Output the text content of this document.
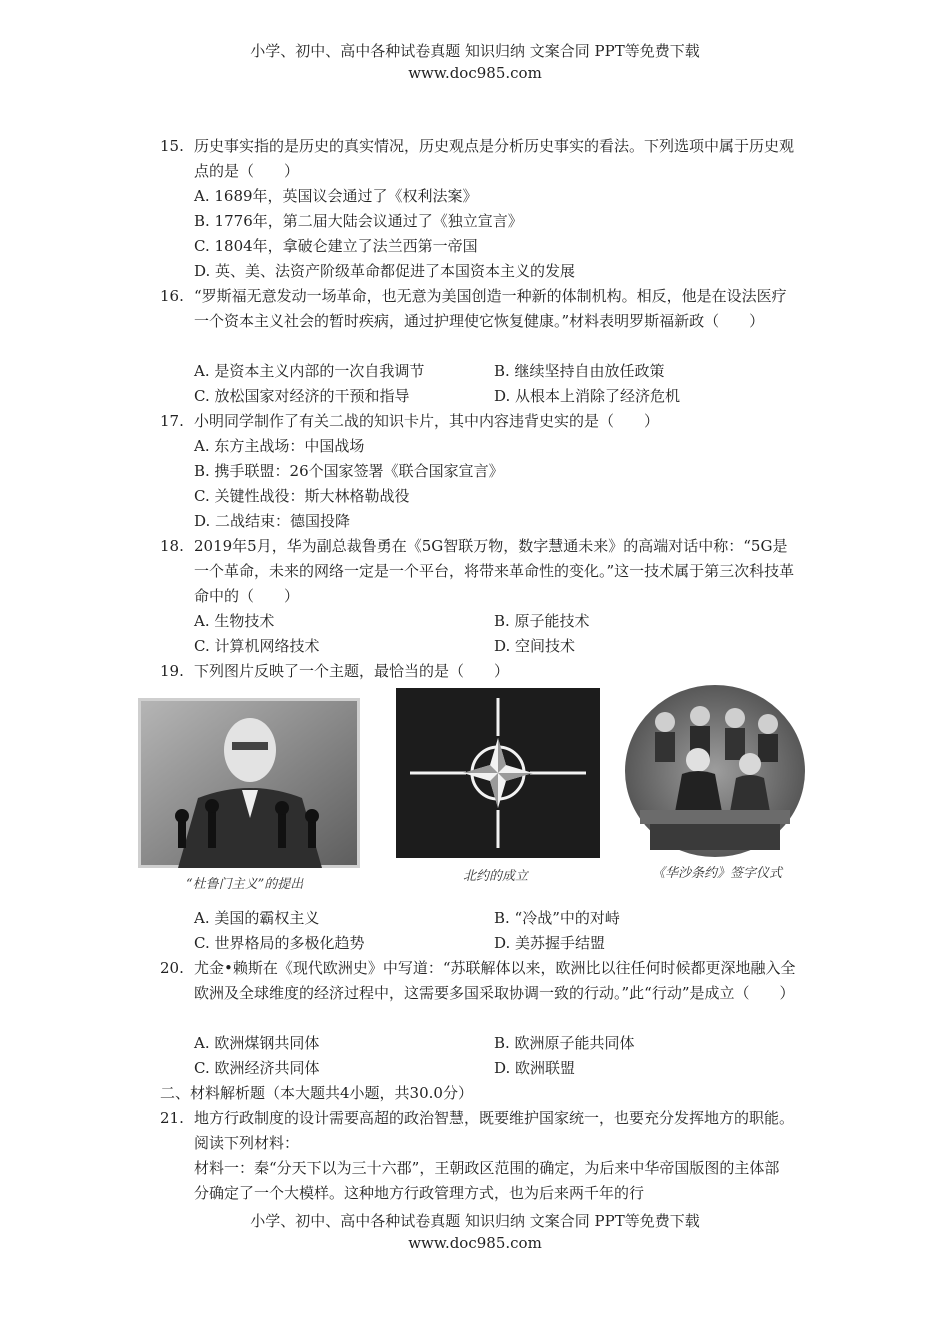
小学、初中、高中各种试卷真题 知识归纳 文案合同 PPT等免费下载
www.doc985.com
15. 历史事实指的是历史的真实情况，历史观点是分析历史事实的看法。下列选项中属于历史观点的是（　　）
A. 1689年，英国议会通过了《权利法案》
B. 1776年，第二届大陆会议通过了《独立宣言》
C. 1804年，拿破仑建立了法兰西第一帝国
D. 英、美、法资产阶级革命都促进了本国资本主义的发展
16. “罗斯福无意发动一场革命，也无意为美国创造一种新的体制机构。相反，他是在设法医疗一个资本主义社会的暂时疾病，通过护理使它恢复健康。”材料表明罗斯福新政（　　）
A. 是资本主义内部的一次自我调节	B. 继续坚持自由放任政策
C. 放松国家对经济的干预和指导	D. 从根本上消除了经济危机
17. 小明同学制作了有关二战的知识卡片，其中内容违背史实的是（　　）
A. 东方主战场：中国战场
B. 携手联盟：26个国家签署《联合国家宣言》
C. 关键性战役：斯大林格勒战役
D. 二战结束：德国投降
18. 2019年5月，华为副总裁鲁勇在《5G智联万物，数字慧通未来》的高端对话中称：“5G是一个革命，未来的网络一定是一个平台，将带来革命性的变化。”这一技术属于第三次科技革命中的（　　）
A. 生物技术	B. 原子能技术
C. 计算机网络技术	D. 空间技术
19. 下列图片反映了一个主题，最恰当的是（　　）
“杜鲁门主义”的提出
北约的成立	《华沙条约》签字仪式
A. 美国的霸权主义	B. “冷战”中的对峙
C. 世界格局的多极化趋势	D. 美苏握手结盟
20. 尤金•赖斯在《现代欧洲史》中写道：“苏联解体以来，欧洲比以往任何时候都更深地融入全欧洲及全球维度的经济过程中，这需要多国采取协调一致的行动。”此“行动”是成立（　　）
A. 欧洲煤钢共同体	B. 欧洲原子能共同体
C. 欧洲经济共同体	D. 欧洲联盟
二、材料解析题（本大题共4小题，共30.0分）
21. 地方行政制度的设计需要高超的政治智慧，既要维护国家统一，也要充分发挥地方的职能。阅读下列材料：
材料一：秦“分天下以为三十六郡”，王朝政区范围的确定，为后来中华帝国版图的主体部分确定了一个大模样。这种地方行政管理方式，也为后来两千年的行
小学、初中、高中各种试卷真题 知识归纳 文案合同 PPT等免费下载
www.doc985.com
